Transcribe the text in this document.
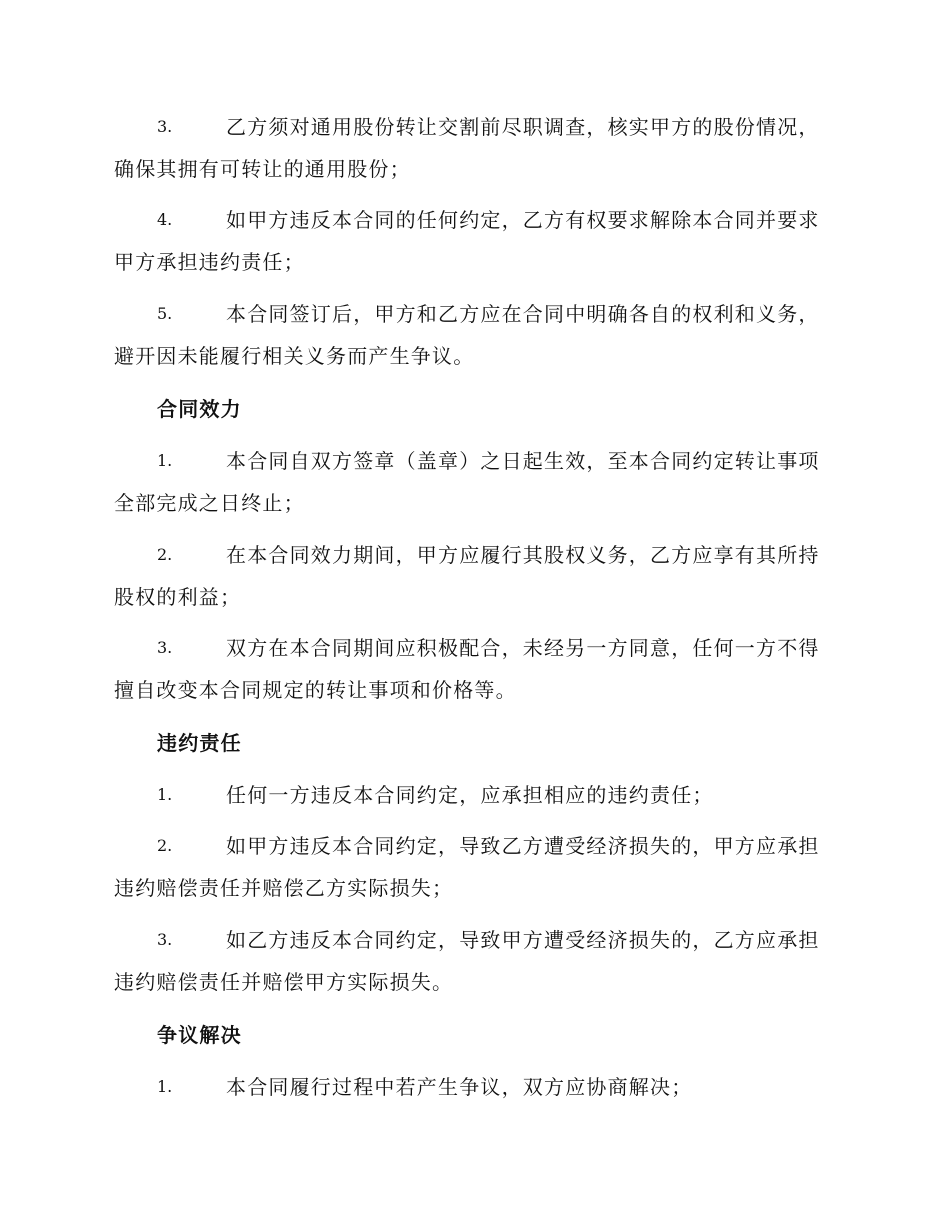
3.	乙方须对通用股份转让交割前尽职调查，核实甲方的股份情况，确保其拥有可转让的通用股份；
4.	如甲方违反本合同的任何约定，乙方有权要求解除本合同并要求甲方承担违约责任；
5.	本合同签订后，甲方和乙方应在合同中明确各自的权利和义务，避开因未能履行相关义务而产生争议。
合同效力
1.	本合同自双方签章（盖章）之日起生效，至本合同约定转让事项全部完成之日终止；
2.	在本合同效力期间，甲方应履行其股权义务，乙方应享有其所持股权的利益；
3.	双方在本合同期间应积极配合，未经另一方同意，任何一方不得擅自改变本合同规定的转让事项和价格等。
违约责任
1.	任何一方违反本合同约定，应承担相应的违约责任；
2.	如甲方违反本合同约定，导致乙方遭受经济损失的，甲方应承担违约赔偿责任并赔偿乙方实际损失；
3.	如乙方违反本合同约定，导致甲方遭受经济损失的，乙方应承担违约赔偿责任并赔偿甲方实际损失。
争议解决
1.	本合同履行过程中若产生争议，双方应协商解决；
